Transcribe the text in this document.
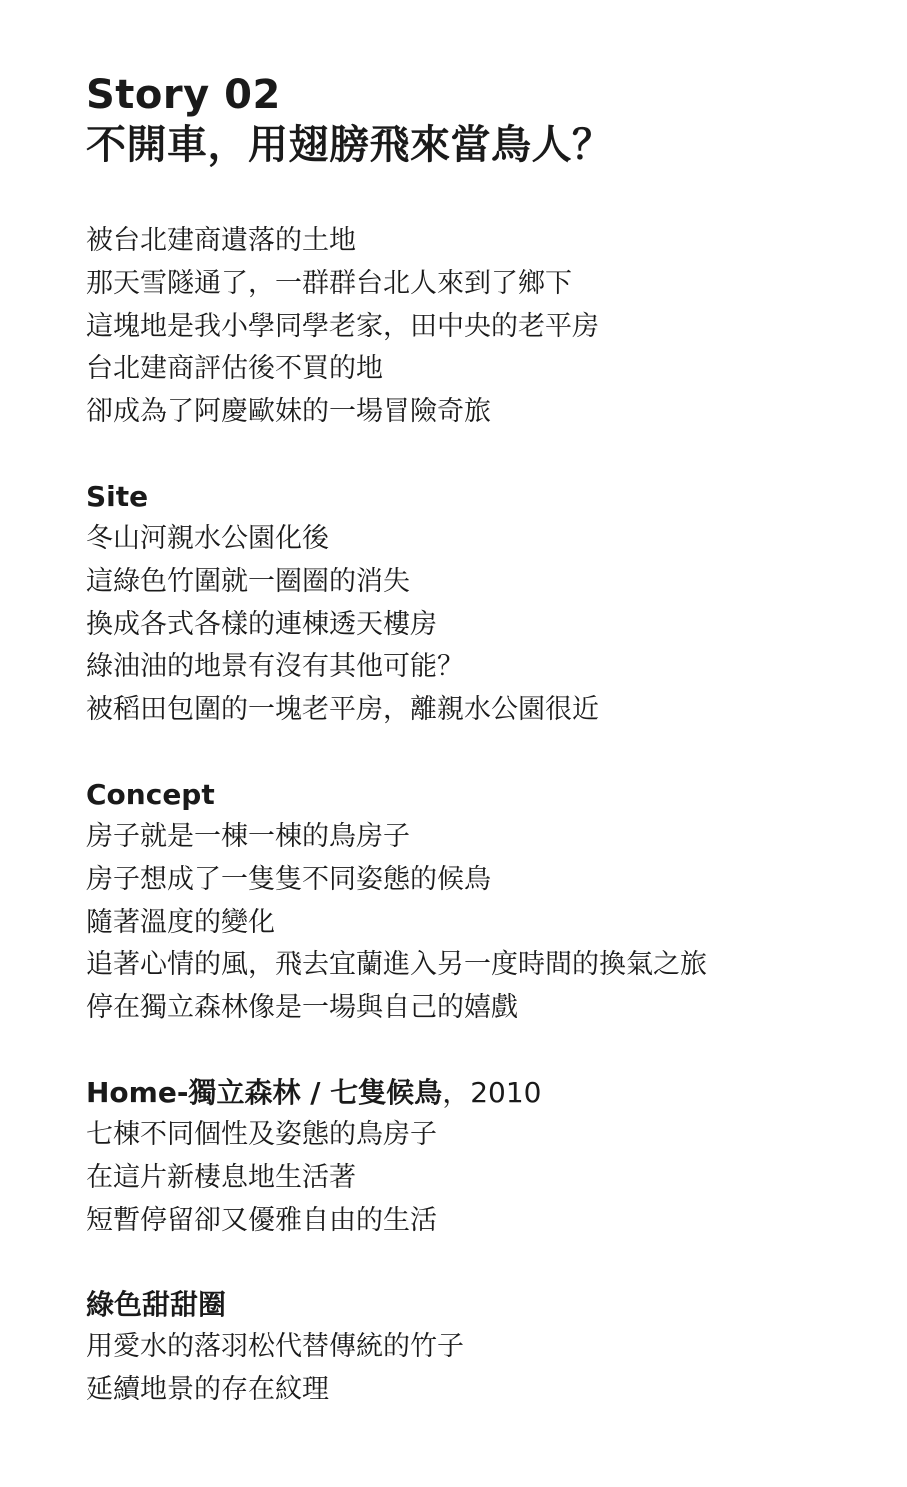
Story 02
不開車，用翅膀飛來當鳥人？
被台北建商遺落的土地
那天雪隧通了，一群群台北人來到了鄉下
這塊地是我小學同學老家，田中央的老平房
台北建商評估後不買的地
卻成為了阿慶歐妹的一場冒險奇旅
Site
冬山河親水公園化後
這綠色竹圍就一圈圈的消失
換成各式各樣的連棟透天樓房
綠油油的地景有沒有其他可能？
被稻田包圍的一塊老平房，離親水公園很近
Concept
房子就是一棟一棟的鳥房子
房子想成了一隻隻不同姿態的候鳥
隨著溫度的變化
追著心情的風，飛去宜蘭進入另一度時間的換氣之旅
停在獨立森林像是一場與自己的嬉戲
Home-獨立森林 / 七隻候鳥，2010
七棟不同個性及姿態的鳥房子
在這片新棲息地生活著
短暫停留卻又優雅自由的生活
綠色甜甜圈
用愛水的落羽松代替傳統的竹子
延續地景的存在紋理
